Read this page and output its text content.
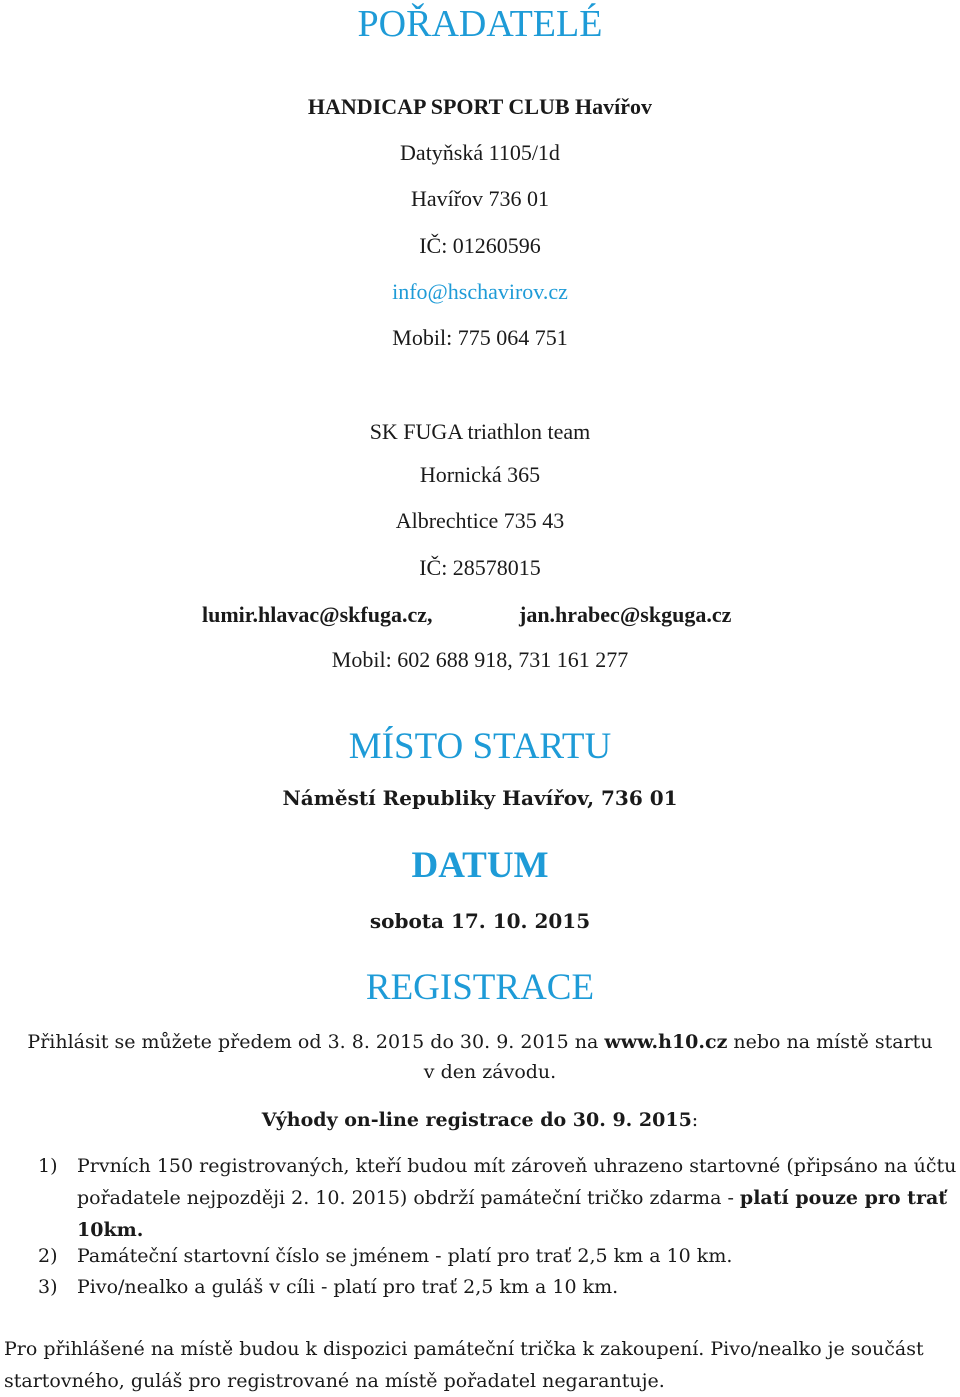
POŘADATELÉ
HANDICAP SPORT CLUB Havířov
Datyňská 1105/1d
Havířov 736 01
IČ: 01260596
info@hschavirov.cz
Mobil: 775 064 751
SK FUGA triathlon team
Hornická 365
Albrechtice 735 43
IČ: 28578015
lumir.hlavac@skfuga.cz,	jan.hrabec@skguga.cz
Mobil: 602 688 918, 731 161 277
MÍSTO STARTU
Náměstí Republiky Havířov, 736 01
DATUM
sobota 17. 10. 2015
REGISTRACE
Přihlásit se můžete předem od 3. 8. 2015 do 30. 9. 2015 na www.h10.cz nebo na místě startu
v den závodu.
Výhody on-line registrace do 30. 9. 2015:
1) Prvních 150 registrovaných, kteří budou mít zároveň uhrazeno startovné (připsáno na účtu pořadatele nejpozději 2. 10. 2015) obdrží památeční tričko zdarma - platí pouze pro trať 10km.
2) Památeční startovní číslo se jménem - platí pro trať 2,5 km a 10 km.
3) Pivo/nealko a guláš v cíli - platí pro trať 2,5 km a 10 km.
Pro přihlášené na místě budou k dispozici památeční trička k zakoupení. Pivo/nealko je součást startovného, guláš pro registrované na místě pořadatel negarantuje.
